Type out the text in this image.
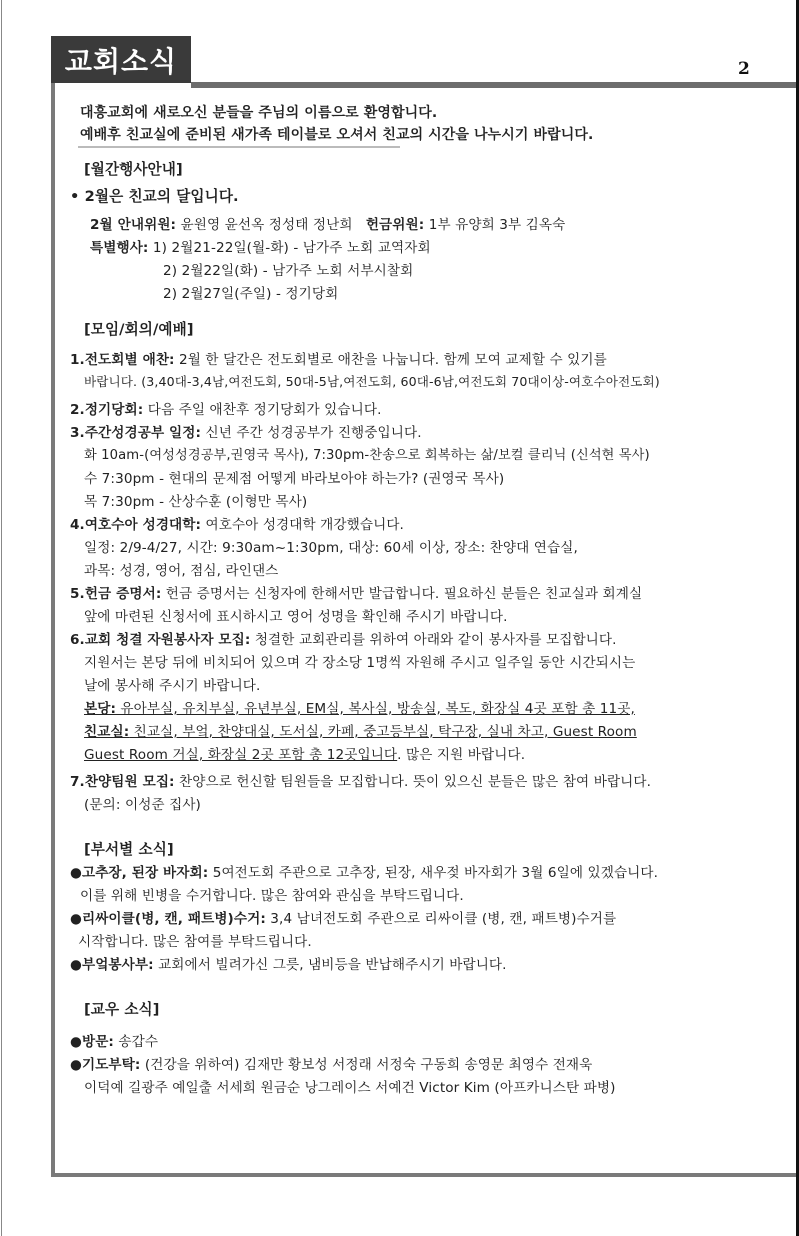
교회소식	2
대흥교회에 새로오신 분들을 주님의 이름으로 환영합니다.
예배후 친교실에 준비된 새가족 테이블로 오셔서 친교의 시간을 나누시기 바랍니다.
[월간행사안내]
• 2월은 친교의 달입니다.
2월 안내위원: 윤원영 윤선옥 정성태 정난희 헌금위원: 1부 유양희 3부 김옥숙
특별행사: 1) 2월21-22일(월-화) - 남가주 노회 교역자회
2) 2월22일(화) - 남가주 노회 서부시찰회
2) 2월27일(주일) - 정기당회
[모임/회의/예배]
1.전도회별 애찬: 2월 한 달간은 전도회별로 애찬을 나눕니다. 함께 모여 교제할 수 있기를
바랍니다. (3,40대-3,4남,여전도회, 50대-5남,여전도회, 60대-6남,여전도회 70대이상-여호수아전도회)
2.정기당회: 다음 주일 애찬후 정기당회가 있습니다.
3.주간성경공부 일정: 신년 주간 성경공부가 진행중입니다.
화 10am-(여성성경공부,권영국 목사), 7:30pm-찬송으로 회복하는 삶/보컬 클리닉 (신석현 목사)
수 7:30pm - 현대의 문제점 어떻게 바라보아야 하는가? (권영국 목사)
목 7:30pm - 산상수훈 (이형만 목사)
4.여호수아 성경대학: 여호수아 성경대학 개강했습니다.
일정: 2/9-4/27, 시간: 9:30am~1:30pm, 대상: 60세 이상, 장소: 찬양대 연습실,
과목: 성경, 영어, 점심, 라인댄스
5.헌금 증명서: 헌금 증명서는 신청자에 한해서만 발급합니다. 필요하신 분들은 친교실과 회계실
앞에 마련된 신청서에 표시하시고 영어 성명을 확인해 주시기 바랍니다.
6.교회 청결 자원봉사자 모집: 청결한 교회관리를 위하여 아래와 같이 봉사자를 모집합니다.
지원서는 본당 뒤에 비치되어 있으며 각 장소당 1명씩 자원해 주시고 일주일 동안 시간되시는
날에 봉사해 주시기 바랍니다.
본당: 유아부실, 유치부실, 유년부실, EM실, 복사실, 방송실, 복도, 화장실 4곳 포함 총 11곳,
친교실: 친교실, 부엌, 찬양대실, 도서실, 카페, 중고등부실, 탁구장, 실내 차고, Guest Room
Guest Room 거실, 화장실 2곳 포함 총 12곳입니다. 많은 지원 바랍니다.
7.찬양팀원 모집: 찬양으로 헌신할 팀원들을 모집합니다. 뜻이 있으신 분들은 많은 참여 바랍니다.
(문의: 이성준 집사)
[부서별 소식]
●고추장, 된장 바자회: 5여전도회 주관으로 고추장, 된장, 새우젖 바자회가 3월 6일에 있겠습니다.
이를 위해 빈병을 수거합니다. 많은 참여와 관심을 부탁드립니다.
●리싸이클(병, 캔, 패트병)수거: 3,4 남녀전도회 주관으로 리싸이클 (병, 캔, 패트병)수거를
시작합니다. 많은 참여를 부탁드립니다.
●부엌봉사부: 교회에서 빌려가신 그릇, 냄비등을 반납해주시기 바랍니다.
[교우 소식]
●방문: 송갑수
●기도부탁: (건강을 위하여) 김재만 황보성 서정래 서정숙 구동희 송영문 최영수 전재욱
이덕예 길광주 예일출 서세희 원금순 낭그레이스 서예건 Victor Kim (아프카니스탄 파병)
